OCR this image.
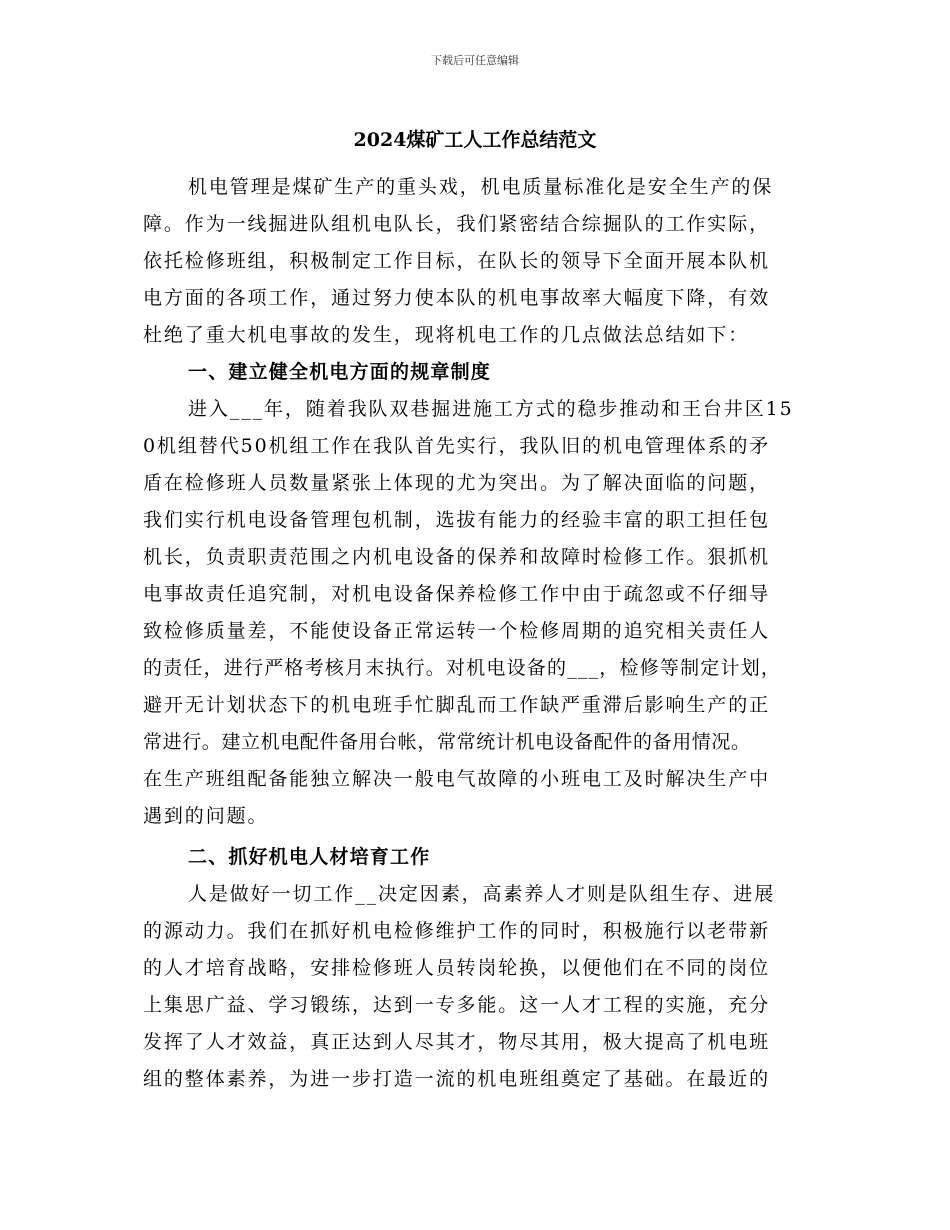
下载后可任意编辑
2024煤矿工人工作总结范文
机电管理是煤矿生产的重头戏，机电质量标准化是安全生产的保
障。作为一线掘进队组机电队长，我们紧密结合综掘队的工作实际，
依托检修班组，积极制定工作目标，在队长的领导下全面开展本队机
电方面的各项工作，通过努力使本队的机电事故率大幅度下降，有效
杜绝了重大机电事故的发生，现将机电工作的几点做法总结如下：
一、建立健全机电方面的规章制度
进入___年，随着我队双巷掘进施工方式的稳步推动和王台井区15
0机组替代50机组工作在我队首先实行，我队旧的机电管理体系的矛
盾在检修班人员数量紧张上体现的尤为突出。为了解决面临的问题，
我们实行机电设备管理包机制，选拔有能力的经验丰富的职工担任包
机长，负责职责范围之内机电设备的保养和故障时检修工作。狠抓机
电事故责任追究制，对机电设备保养检修工作中由于疏忽或不仔细导
致检修质量差，不能使设备正常运转一个检修周期的追究相关责任人
的责任，进行严格考核月末执行。对机电设备的___，检修等制定计划，
避开无计划状态下的机电班手忙脚乱而工作缺严重滞后影响生产的正
常进行。建立机电配件备用台帐，常常统计机电设备配件的备用情况。
在生产班组配备能独立解决一般电气故障的小班电工及时解决生产中
遇到的问题。
二、抓好机电人材培育工作
人是做好一切工作__决定因素，高素养人才则是队组生存、进展
的源动力。我们在抓好机电检修维护工作的同时，积极施行以老带新
的人才培育战略，安排检修班人员转岗轮换，以便他们在不同的岗位
上集思广益、学习锻练，达到一专多能。这一人才工程的实施，充分
发挥了人才效益，真正达到人尽其才，物尽其用，极大提高了机电班
组的整体素养，为进一步打造一流的机电班组奠定了基础。在最近的
